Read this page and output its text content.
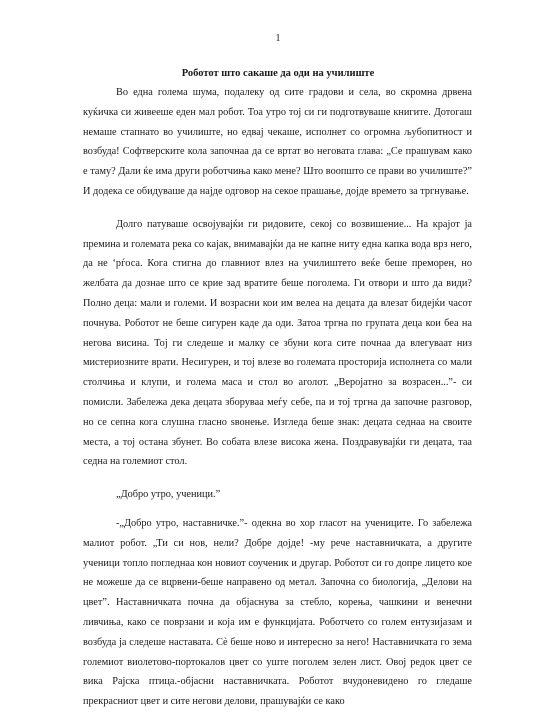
1
Роботот што сакаше да оди на училиште

Во една голема шума, подалеку од сите градови и села, во скромна дрвена куќичка си живееше еден мал робот. Тоа утро тој си ги подготвуваше книгите. Дотогаш немаше стапнато во училиште, но едвај чекаше, исполнет со огромна љубопитност и возбуда! Софтверските кола започнаа да се вртат во неговата глава: „Се прашувам како е таму? Дали ќе има други роботчиња како мене? Што воопшто се прави во училиште?” И додека се обидуваше да најде одговор на секое прашање, дојде времето за тргнување.

Долго патуваше освојувајќи ги ридовите, секој со возвишение... На крајот ја премина и големата река со кајак, внимавајќи да не капне ниту една капка вода врз него, да не ‘рѓоса. Кога стигна до главниот влез на училиштето веќе беше преморен, но желбата да дознае што се крие зад вратите беше поголема. Ги отвори и што да види? Полно деца: мали и големи. И возрасни кои им велеа на децата да влезат бидејќи часот почнува. Роботот не беше сигурен каде да оди. Затоа тргна по групата деца кои беа на негова висина. Тој ги следеше и малку се збуни кога сите почнаа да влегуваат низ мистериозните врати. Несигурен, и тој влезе во големата просторија исполнета со мали столчиња и клупи, и голема маса и стол во аголот. „Веројатно за возрасен...”- си помисли. Забележа дека децата зборуваа меѓу себе, па и тој тргна да започне разговор, но се сепна кога слушна гласно ѕвонење. Изгледа беше знак: децата седнаа на своите места, а тој остана збунет. Во собата влезе висока жена. Поздравувајќи ги децата, таа седна на големиот стол.

„Добро утро, ученици.”

-„Добро утро, наставничке.”- одекна во хор гласот на учениците. Го забележа малиот робот. „Ти си нов, нели? Добре дојде! -му рече наставничката, а другите ученици топло погледнаа кон новиот соученик и другар. Роботот си го допре лицето кое не можеше да се вцрвени-беше направено од метал. Започна со биологија, „Делови на цвет”. Наставничката почна да објаснува за стебло, корења, чашкини и венечни ливчиња, како се поврзани и која им е функцијата. Роботчето со голем ентузијазам и возбуда ја следеше наставата. Сѐ беше ново и интересно за него! Наставничката го зема големиот виолетово-портокалов цвет со уште поголем зелен лист. Овој редок цвет се вика Рајска птица.-објасни наставничката. Роботот вчудоневидено го гледаше прекрасниот цвет и сите негови делови, прашувајќи се како
